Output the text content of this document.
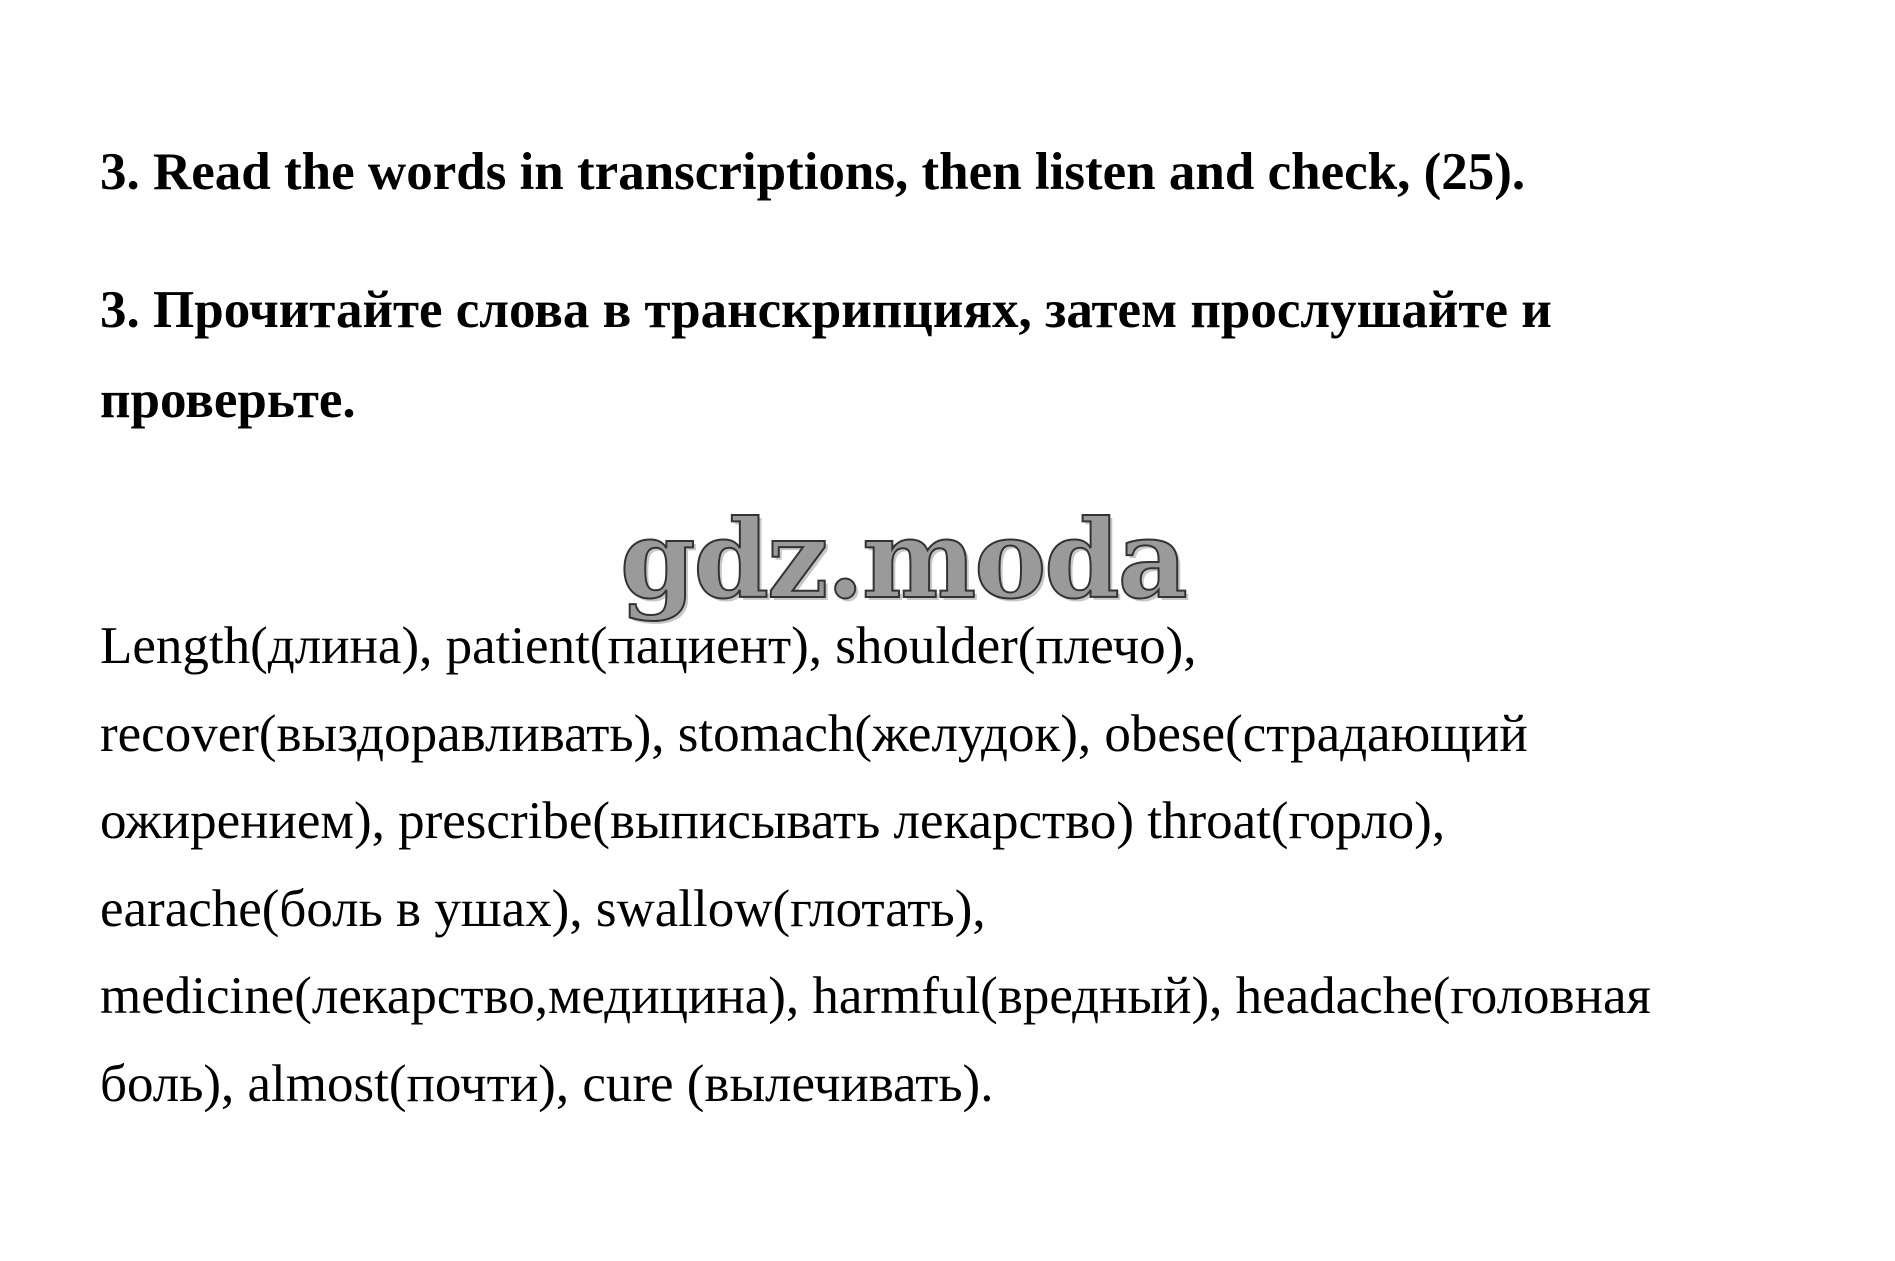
3. Read the words in transcriptions, then listen and check, (25).

3. Прочитайте слова в транскрипциях, затем прослушайте и проверьте.

gdz.moda

Length(длина), patient(пациент), shoulder(плечо),
recover(выздоравливать), stomach(желудок), obese(страдающий
ожирением), prescribe(выписывать лекарство) throat(горло),
earache(боль в ушах), swallow(глотать),
medicine(лекарство,медицина), harmful(вредный), headache(головная
боль), almost(почти), cure (вылечивать).
